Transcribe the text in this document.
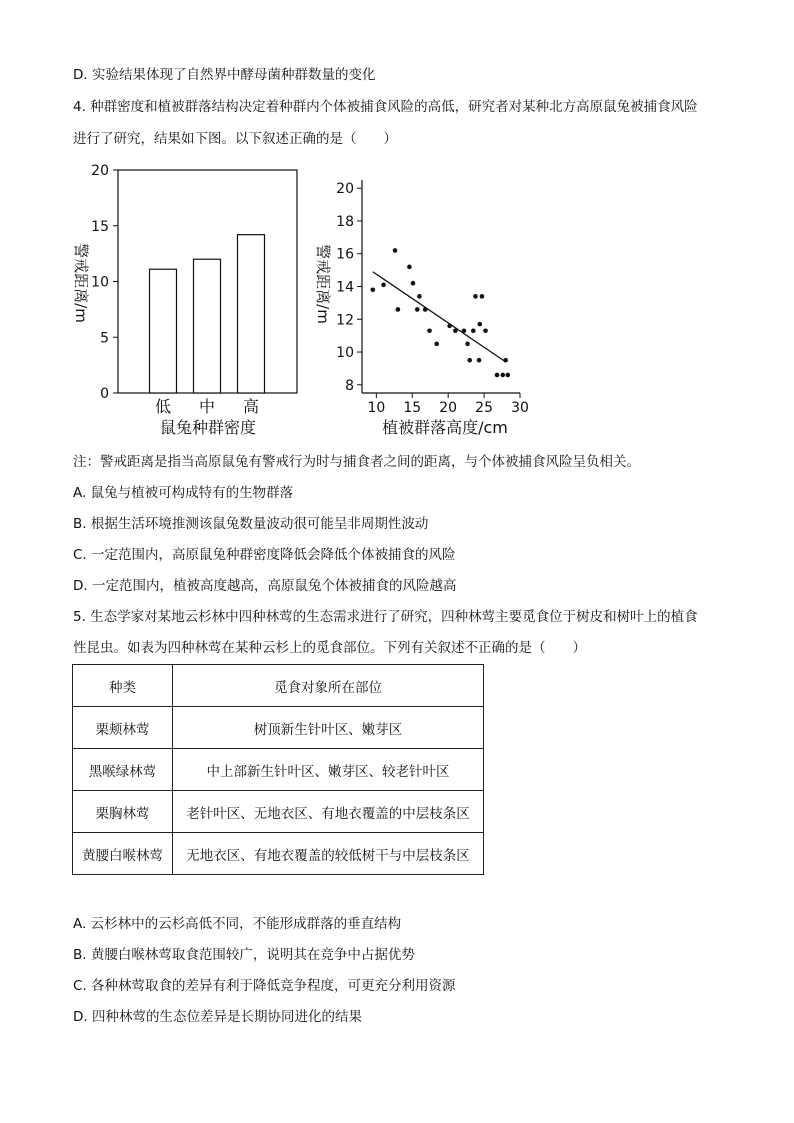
D. 实验结果体现了自然界中酵母菌种群数量的变化
4. 种群密度和植被群落结构决定着种群内个体被捕食风险的高低，研究者对某种北方高原鼠兔被捕食风险
进行了研究，结果如下图。以下叙述正确的是（　　）
0
5
10
15
20
低 中 高
鼠兔种群密度
警戒距离/m
8
10
12
14
16
18
20
10 15 20 25 30
植被群落高度/cm
警戒距离/m
注：警戒距离是指当高原鼠兔有警戒行为时与捕食者之间的距离，与个体被捕食风险呈负相关。
A. 鼠兔与植被可构成特有的生物群落
B. 根据生活环境推测该鼠兔数量波动很可能呈非周期性波动
C. 一定范围内，高原鼠兔种群密度降低会降低个体被捕食的风险
D. 一定范围内，植被高度越高，高原鼠兔个体被捕食的风险越高
5. 生态学家对某地云杉林中四种林莺的生态需求进行了研究，四种林莺主要觅食位于树皮和树叶上的植食
性昆虫。如表为四种林莺在某种云杉上的觅食部位。下列有关叙述不正确的是（　　）
种类	觅食对象所在部位
栗颊林莺	树顶新生针叶区、嫩芽区
黑喉绿林莺	中上部新生针叶区、嫩芽区、较老针叶区
栗胸林莺	老针叶区、无地衣区、有地衣覆盖的中层枝条区
黄腰白喉林莺	无地衣区、有地衣覆盖的较低树干与中层枝条区
A. 云杉林中的云杉高低不同，不能形成群落的垂直结构
B. 黄腰白喉林莺取食范围较广，说明其在竞争中占据优势
C. 各种林莺取食的差异有利于降低竞争程度，可更充分利用资源
D. 四种林莺的生态位差异是长期协同进化的结果
